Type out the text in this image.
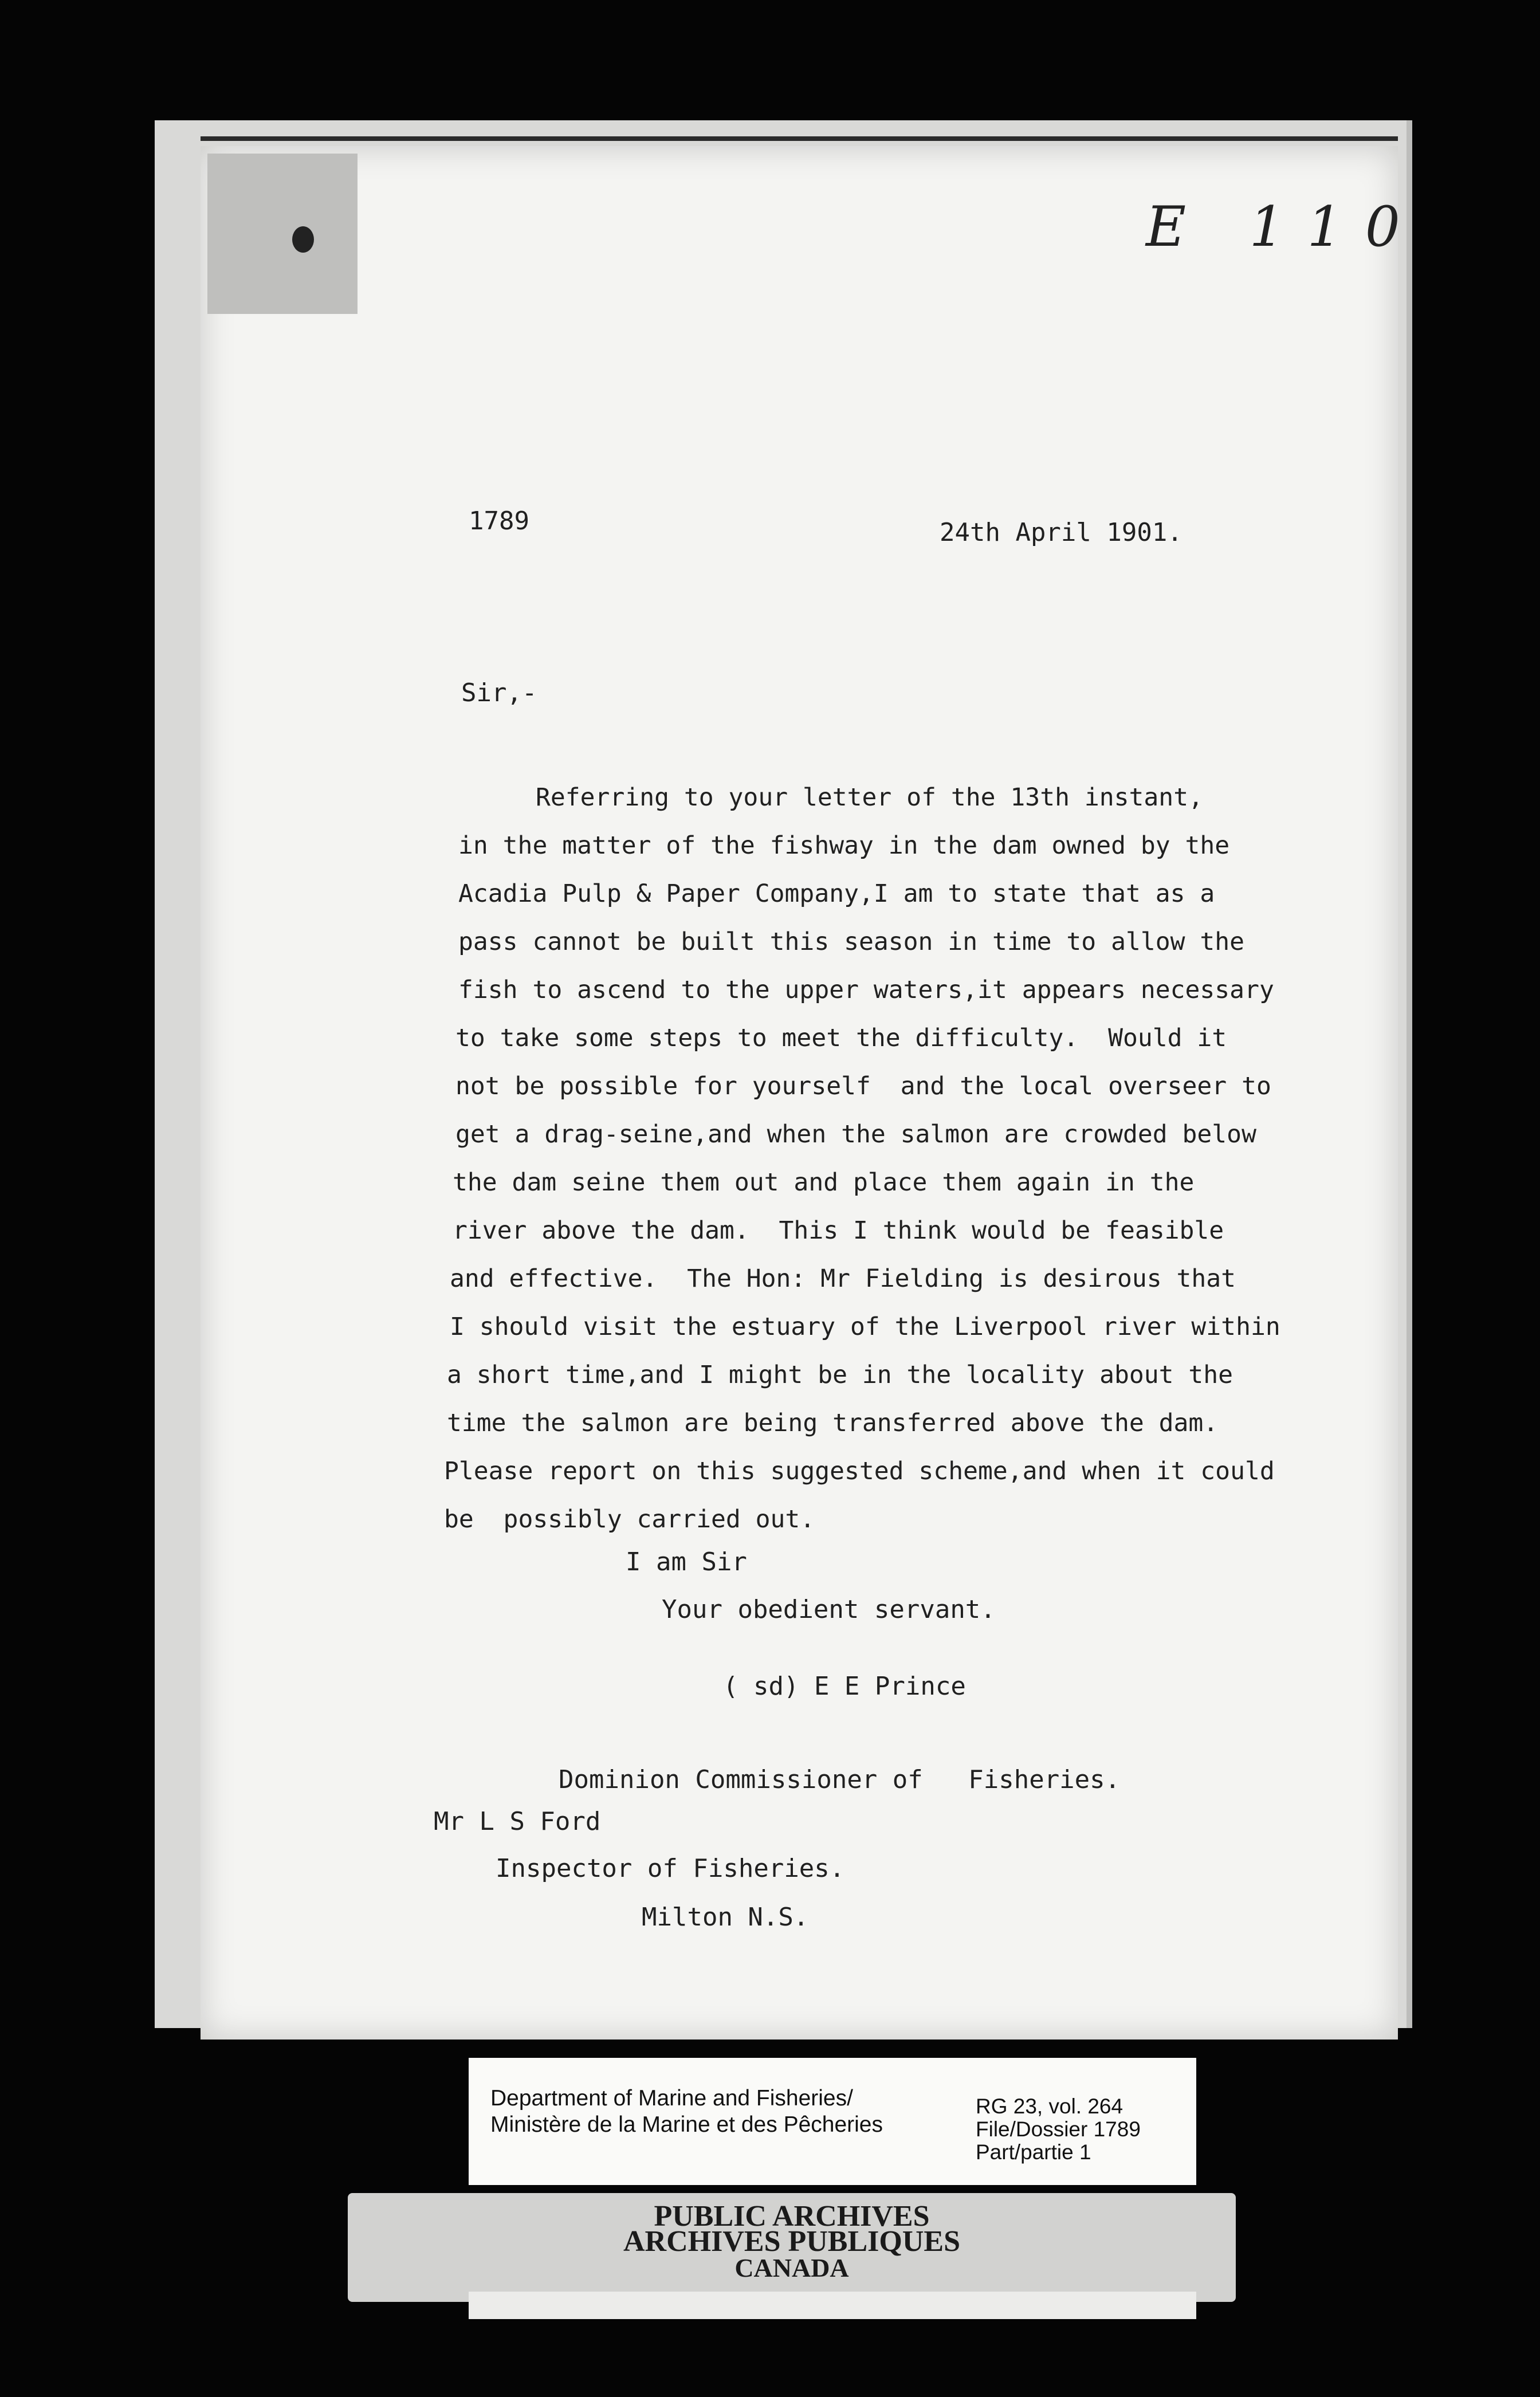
E 110
1789	24th April 1901.
Sir,-
Referring to your letter of the 13th instant,
in the matter of the fishway in the dam owned by the
Acadia Pulp & Paper Company,I am to state that as a
pass cannot be built this season in time to allow the
fish to ascend to the upper waters,it appears necessary
to take some steps to meet the difficulty.  Would it
not be possible for yourself  and the local overseer to
get a drag-seine,and when the salmon are crowded below
the dam seine them out and place them again in the
river above the dam.  This I think would be feasible
and effective.  The Hon: Mr Fielding is desirous that
I should visit the estuary of the Liverpool river within
a short time,and I might be in the locality about the
time the salmon are being transferred above the dam.
Please report on this suggested scheme,and when it could
be  possibly carried out.
I am Sir
Your obedient servant.
( sd) E E Prince
Dominion Commissioner of   Fisheries.
Mr L S Ford
Inspector of Fisheries.
Milton N.S.
Department of Marine and Fisheries/
Ministère de la Marine et des Pêcheries
RG 23, vol. 264
File/Dossier 1789
Part/partie 1
PUBLIC ARCHIVES
ARCHIVES PUBLIQUES
CANADA
